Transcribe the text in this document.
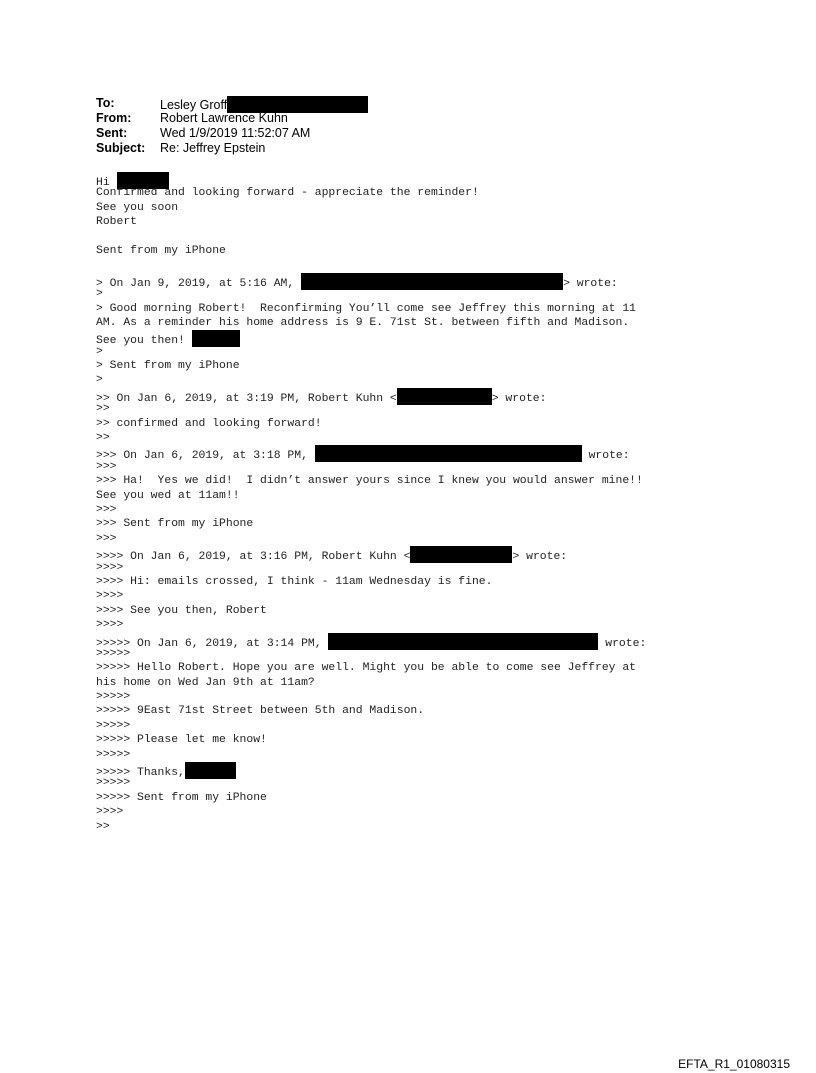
To:	Lesley Groff
From: Robert Lawrence Kuhn
Sent:	Wed 1/9/2019 11:52:07 AM
Subject: Re: Jeffrey Epstein
Hi
Confirmed and looking forward - appreciate the reminder!
See you soon
Robert
Sent from my iPhone
> On Jan 9, 2019, at 5:16 AM,	> wrote:
>
> Good morning Robert!  Reconfirming You’ll come see Jeffrey this morning at 11
AM. As a reminder his home address is 9 E. 71st St. between fifth and Madison.
See you then!
>
> Sent from my iPhone
>
>> On Jan 6, 2019, at 3:19 PM, Robert Kuhn <	> wrote:
>>
>> confirmed and looking forward!
>>
>>> On Jan 6, 2019, at 3:18 PM,	wrote:
>>>
>>> Ha!  Yes we did!  I didn’t answer yours since I knew you would answer mine!!
See you wed at 11am!!
>>>
>>> Sent from my iPhone
>>>
>>>> On Jan 6, 2019, at 3:16 PM, Robert Kuhn <	> wrote:
>>>>
>>>> Hi: emails crossed, I think - 11am Wednesday is fine.
>>>>
>>>> See you then, Robert
>>>>
>>>>> On Jan 6, 2019, at 3:14 PM,	wrote:
>>>>>
>>>>> Hello Robert. Hope you are well. Might you be able to come see Jeffrey at
his home on Wed Jan 9th at 11am?
>>>>>
>>>>> 9East 71st Street between 5th and Madison.
>>>>>
>>>>> Please let me know!
>>>>>
>>>>> Thanks,
>>>>>
>>>>> Sent from my iPhone
>>>>
>>
EFTA_R1_01080315
